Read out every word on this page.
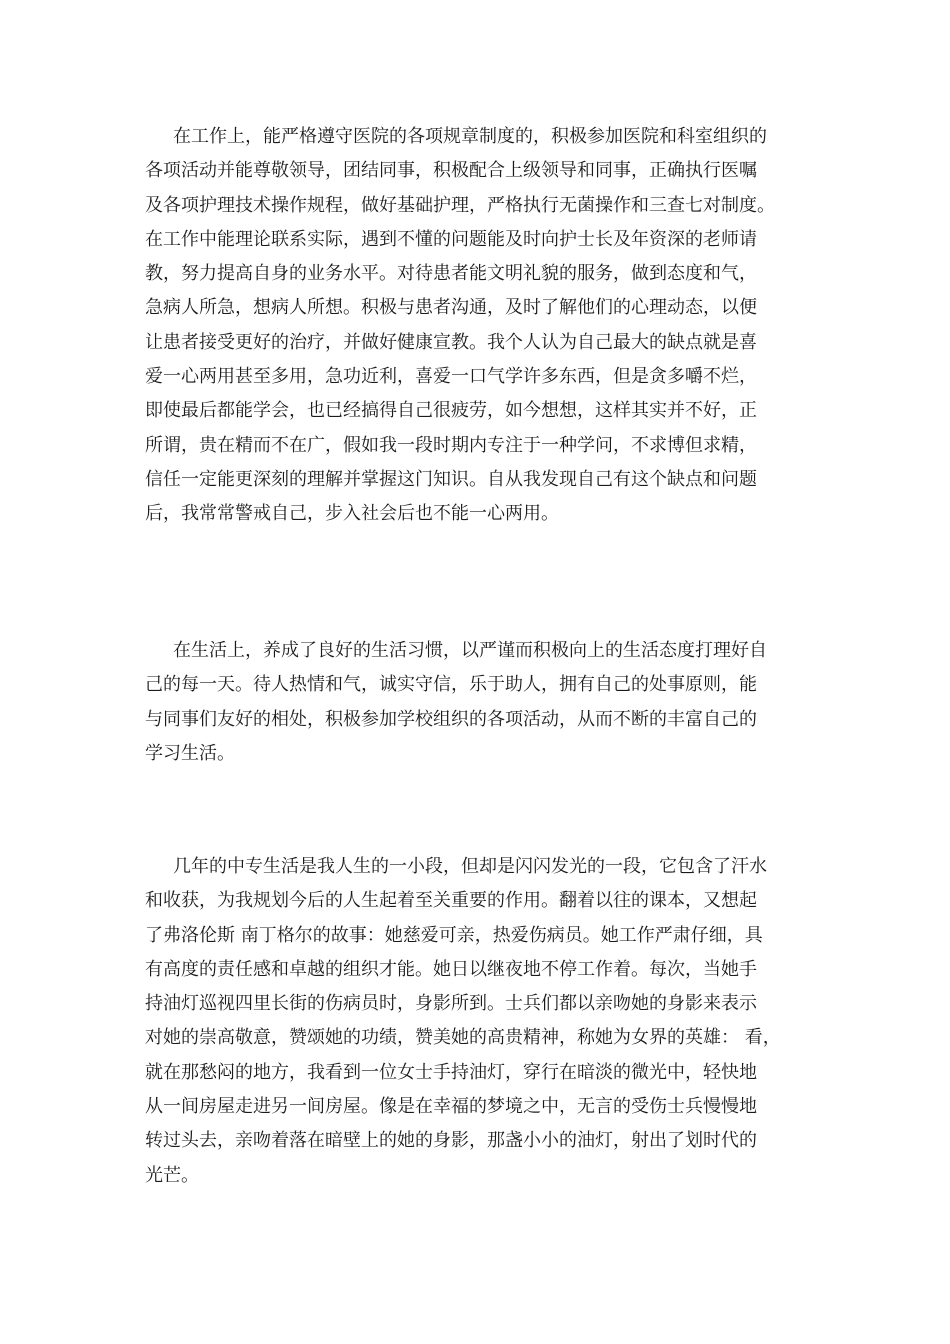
在工作上，能严格遵守医院的各项规章制度的，积极参加医院和科室组织的
各项活动并能尊敬领导，团结同事，积极配合上级领导和同事，正确执行医嘱
及各项护理技术操作规程，做好基础护理，严格执行无菌操作和三查七对制度。
在工作中能理论联系实际，遇到不懂的问题能及时向护士长及年资深的老师请
教，努力提高自身的业务水平。对待患者能文明礼貌的服务，做到态度和气，
急病人所急，想病人所想。积极与患者沟通，及时了解他们的心理动态，以便
让患者接受更好的治疗，并做好健康宣教。我个人认为自己最大的缺点就是喜
爱一心两用甚至多用，急功近利，喜爱一口气学许多东西，但是贪多嚼不烂，
即使最后都能学会，也已经搞得自己很疲劳，如今想想，这样其实并不好，正
所谓，贵在精而不在广，假如我一段时期内专注于一种学问，不求博但求精，
信任一定能更深刻的理解并掌握这门知识。自从我发现自己有这个缺点和问题
后，我常常警戒自己，步入社会后也不能一心两用。
在生活上，养成了良好的生活习惯，以严谨而积极向上的生活态度打理好自
己的每一天。待人热情和气，诚实守信，乐于助人，拥有自己的处事原则，能
与同事们友好的相处，积极参加学校组织的各项活动，从而不断的丰富自己的
学习生活。
几年的中专生活是我人生的一小段，但却是闪闪发光的一段，它包含了汗水
和收获，为我规划今后的人生起着至关重要的作用。翻着以往的课本，又想起
了弗洛伦斯 南丁格尔的故事：她慈爱可亲，热爱伤病员。她工作严肃仔细，具
有高度的责任感和卓越的组织才能。她日以继夜地不停工作着。每次，当她手
持油灯巡视四里长街的伤病员时，身影所到。士兵们都以亲吻她的身影来表示
对她的崇高敬意，赞颂她的功绩，赞美她的高贵精神，称她为女界的英雄： 看，
就在那愁闷的地方，我看到一位女士手持油灯，穿行在暗淡的微光中，轻快地
从一间房屋走进另一间房屋。像是在幸福的梦境之中，无言的受伤士兵慢慢地
转过头去，亲吻着落在暗壁上的她的身影，那盏小小的油灯，射出了划时代的
光芒。
